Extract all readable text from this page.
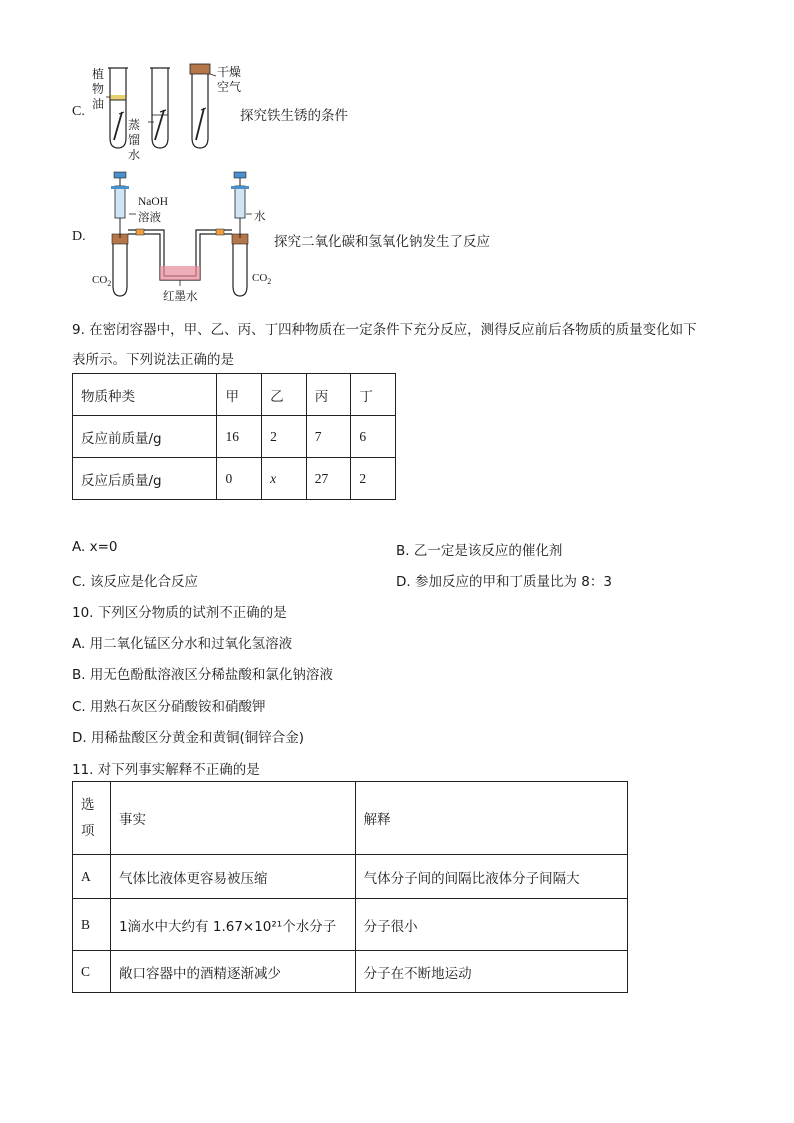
C.
植
物
油
蒸
馏
水
干燥
空气
探究铁生锈的条件
D.
NaOH
溶液	水
$CO_2$	$CO_2$
红墨水
探究二氧化碳和氢氧化钠发生了反应
9. 在密闭容器中，甲、乙、丙、丁四种物质在一定条件下充分反应，测得反应前后各物质的质量变化如下
表所示。下列说法正确的是
物质种类	甲	乙	丙	丁
反应前质量/g	16	2	7	6
反应后质量/g	0	x	27	2
A. x=0	B. 乙一定是该反应的催化剂
C. 该反应是化合反应	D. 参加反应的甲和丁质量比为 8：3
10. 下列区分物质的试剂不正确的是
A. 用二氧化锰区分水和过氧化氢溶液
B. 用无色酚酞溶液区分稀盐酸和氯化钠溶液
C. 用熟石灰区分硝酸铵和硝酸钾
D. 用稀盐酸区分黄金和黄铜(铜锌合金)
11. 对下列事实解释不正确的是
选项	事实	解释
A	气体比液体更容易被压缩	气体分子间的间隔比液体分子间隔大
B	1滴水中大约有 1.67×10²¹个水分子	分子很小
C	敞口容器中的酒精逐渐减少	分子在不断地运动
